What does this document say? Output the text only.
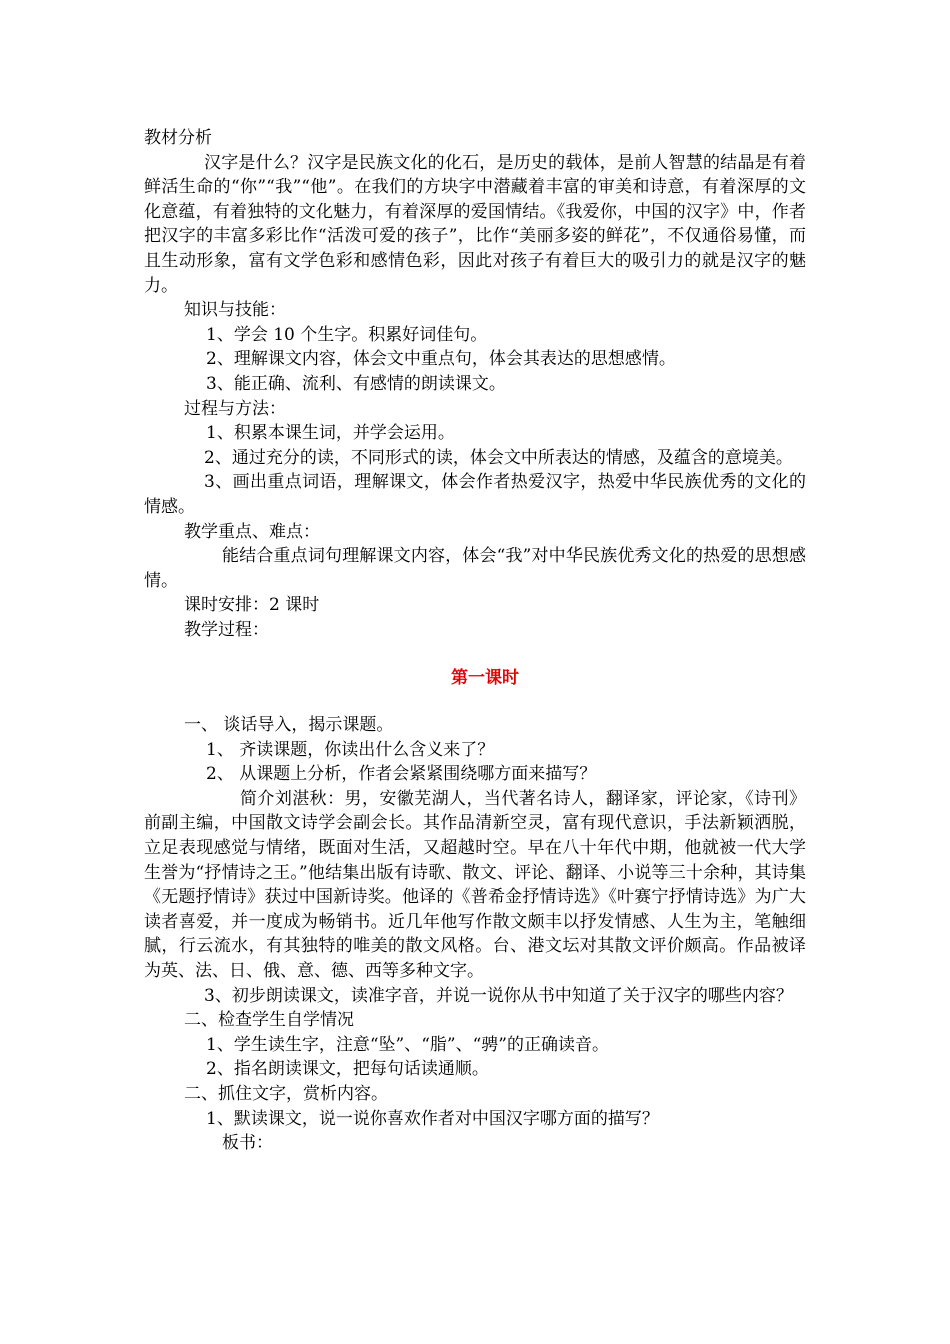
教材分析

汉字是什么？汉字是民族文化的化石，是历史的载体，是前人智慧的结晶是有着鲜活生命的“你”“我”“他”。在我们的方块字中潜藏着丰富的审美和诗意，有着深厚的文化意蕴，有着独特的文化魅力，有着深厚的爱国情结。《我爱你，中国的汉字》中，作者把汉字的丰富多彩比作“活泼可爱的孩子”，比作“美丽多姿的鲜花”，不仅通俗易懂，而且生动形象，富有文学色彩和感情色彩，因此对孩子有着巨大的吸引力的就是汉字的魅力。

知识与技能：

1、学会 10 个生字。积累好词佳句。

2、理解课文内容，体会文中重点句，体会其表达的思想感情。

3、能正确、流利、有感情的朗读课文。

过程与方法：

1、积累本课生词，并学会运用。

2、通过充分的读，不同形式的读，体会文中所表达的情感，及蕴含的意境美。

3、画出重点词语，理解课文，体会作者热爱汉字，热爱中华民族优秀的文化的情感。

教学重点、难点：

能结合重点词句理解课文内容，体会“我”对中华民族优秀文化的热爱的思想感情。

课时安排：2 课时

教学过程：

第一课时

一、 谈话导入，揭示课题。

1、 齐读课题，你读出什么含义来了？

2、 从课题上分析，作者会紧紧围绕哪方面来描写？

简介刘湛秋：男，安徽芜湖人，当代著名诗人，翻译家，评论家，《诗刊》前副主编，中国散文诗学会副会长。其作品清新空灵，富有现代意识，手法新颖洒脱，立足表现感觉与情绪，既面对生活，又超越时空。早在八十年代中期，他就被一代大学生誉为“抒情诗之王。”他结集出版有诗歌、散文、评论、翻译、小说等三十余种，其诗集《无题抒情诗》获过中国新诗奖。他译的《普希金抒情诗选》《叶赛宁抒情诗选》为广大读者喜爱，并一度成为畅销书。近几年他写作散文颇丰以抒发情感、人生为主，笔触细腻，行云流水，有其独特的唯美的散文风格。台、港文坛对其散文评价颇高。作品被译为英、法、日、俄、意、德、西等多种文字。

3、初步朗读课文，读准字音，并说一说你从书中知道了关于汉字的哪些内容？

二、检查学生自学情况

1、学生读生字，注意“坠”、“脂”、“骋”的正确读音。

2、指名朗读课文，把每句话读通顺。

二、抓住文字，赏析内容。

1、默读课文，说一说你喜欢作者对中国汉字哪方面的描写？

板书：
